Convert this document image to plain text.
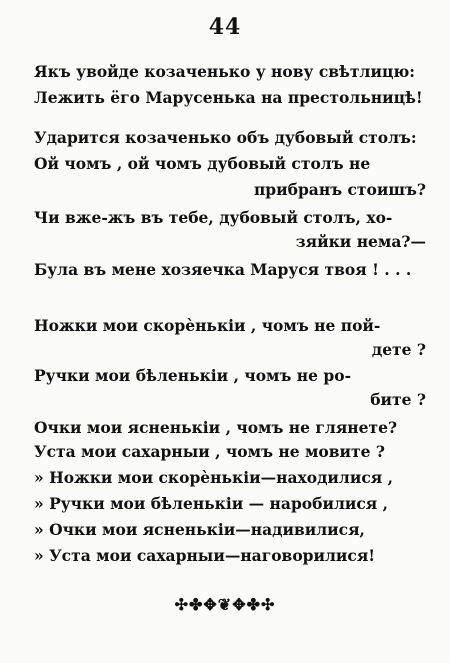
44
Якъ увойде козаченько у нову свѣтлицю:
Лежить ёго Марусенька на престольницѣ!
Ударится козаченько объ дубовый столъ:
Ой чомъ , ой чомъ дубовый столъ не
прибранъ стоишъ?
Чи вже-жъ въ тебе, дубовый столъ, хо-
зяйки нема?—
Була въ мене хозяечка Маруся твоя ! . . .
Ножки мои скорѐнькіи , чомъ не пой-
дете ?
Ручки мои бѣленькіи , чомъ не ро-
бите ?
Очки мои ясненькіи , чомъ не глянете?
Уста мои сахарныи , чомъ не мовите ?
» Ножки мои скорѐнькіи—находилися ,
» Ручки мои бѣленькіи — наробилися ,
» Очки мои ясненькіи—надивилися,
» Уста мои сахарныи—наговорилися!
✣✤✥❦✥✤✣
